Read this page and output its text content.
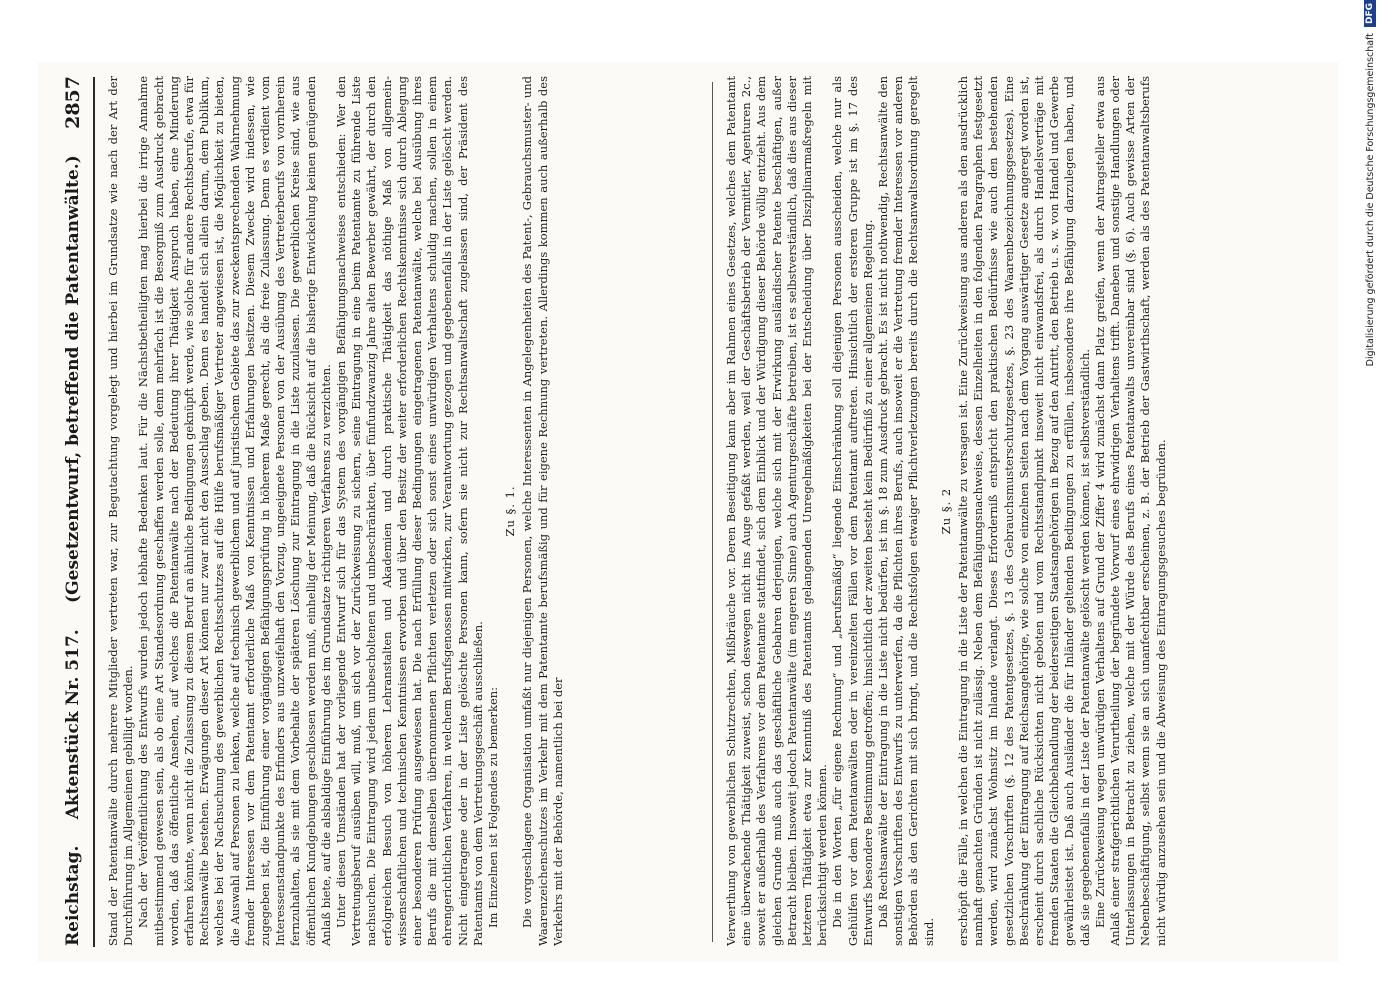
Reichstag.
Aktenstück Nr. 517.
(Gesetzentwurf, betreffend die Patentanwälte.)
2857 Stand der Patentanwälte durch mehrere Mitglieder vertreten war, zur Begutachtung vorgelegt und hierbei im Grundsatze wie nach der Art der Durchführung im Allgemeinen gebilligt worden. Nach der Veröffentlichung des Entwurfs wurden jedoch lebhafte Bedenken laut. Für die Nächstbetheiligten mag hierbei die irrige Annahme mitbestimmend gewesen sein, als ob eine Art Standesordnung geschaffen werden solle, denn mehrfach ist die Besorgniß zum Ausdruck gebracht worden, daß das öffentliche Ansehen, auf welches die Patentanwälte nach der Bedeutung ihrer Thätigkeit Anspruch haben, eine Minderung erfahren könnte, wenn nicht die Zulassung zu diesem Beruf an ähnliche Bedingungen geknüpft werde, wie solche für andere Rechtsberufe, etwa für Rechtsanwälte bestehen. Erwägungen dieser Art können nur zwar nicht den Ausschlag geben. Denn es handelt sich allein darum, dem Publikum, welches bei der Nachsuchung des gewerblichen Rechtsschutzes auf die Hülfe berufsmäßiger Vertreter angewiesen ist, die Möglichkeit zu bieten, die Auswahl auf Personen zu lenken, welche auf technisch gewerblichem und auf juristischem Gebiete das zur zweckentsprechenden Wahrnehmung fremder Interessen vor dem Patentamt erforderliche Maß von Kenntnissen und Erfahrungen besitzen. Diesem Zwecke wird indessen, wie zugegeben ist, die Einführung einer vorgängigen Befähigungsprüfung in höherem Maße gerecht, als die freie Zulassung. Denn es verdient vom Interessenstandpunkte des Erfinders aus unzweifelhaft den Vorzug, ungeeignete Personen von der Ausübung des Vertreterberufs von vornherein fernzuhalten, als sie mit dem Vorbehalte der späteren Löschung zur Eintragung in die Liste zuzulassen. Die gewerblichen Kreise sind, wie aus öffentlichen Kundgebungen geschlossen werden muß, einhellig der Meinung, daß die Rücksicht auf die bisherige Entwickelung keinen genügenden Anlaß biete, auf die alsbaldige Einführung des im Grundsatze richtigeren Verfahrens zu verzichten. Unter diesen Umständen hat der vorliegende Entwurf sich für das System des vorgängigen Befähigungsnachweises entschieden: Wer den Vertretungsberuf ausüben will, muß, um sich vor der Zurückweisung zu sichern, seine Eintragung in eine beim Patentamte zu führende Liste nachsuchen. Die Eintragung wird jedem unbescholtenen und unbeschränkten, über fünfundzwanzig Jahre alten Bewerber gewährt, der durch den erfolgreichen Besuch von höheren Lehranstalten und Akademien und durch praktische Thätigkeit das nöthige Maß von allgemein-wissenschaftlichen und technischen Kenntnissen erworben und über den Besitz der weiter erforderlichen Rechtskenntnisse sich durch Ablegung einer besonderen Prüfung ausgewiesen hat. Die nach Erfüllung dieser Bedingungen eingetragenen Patentanwälte, welche bei Ausübung ihres Berufs die mit demselben übernommenen Pflichten verletzen oder sich sonst eines unwürdigen Verhaltens schuldig machen, sollen in einem ehrengerichtlichen Verfahren, in welchem Berufsgenossen mitwirken, zur Verantwortung gezogen und gegebenenfalls in der Liste gelöscht werden. Nicht eingetragene oder in der Liste gelöschte Personen kann, sofern sie nicht zur Rechtsanwaltschaft zugelassen sind, der Präsident des Patentamts von dem Vertretungsgeschäft ausschließen. Im Einzelnen ist Folgendes zu bemerken:

Zu §. 1. Die vorgeschlagene Organisation umfaßt nur diejenigen Personen, welche Interessenten in Angelegenheiten des Patent-, Gebrauchsmuster- und Waarenzeichenschutzes im Verkehr mit dem Patentamte berufsmäßig und für eigene Rechnung vertreten. Allerdings kommen auch außerhalb des Verkehrs mit der Behörde, namentlich bei der	Verwerthung von gewerblichen Schutzrechten, Mißbräuche vor. Deren Beseitigung kann aber im Rahmen eines Gesetzes, welches dem Patentamt eine überwachende Thätigkeit zuweist, schon deswegen nicht ins Auge gefaßt werden, weil der Geschäftsbetrieb der Vermittler, Agenturen 2c., soweit er außerhalb des Verfahrens vor dem Patentamte stattfindet, sich dem Einblick und der Würdigung dieser Behörde völlig entzieht. Aus dem gleichen Grunde muß auch das geschäftliche Gebahren derjenigen, welche sich mit der Erwirkung ausländischer Patente beschäftigen, außer Betracht bleiben. Insoweit jedoch Patentanwälte (im engeren Sinne) auch Agenturgeschäfte betreiben, ist es selbstverständlich, daß dies aus dieser letzteren Thätigkeit etwa zur Kenntniß des Patentamts gelangenden Unregelmäßigkeiten bei der Entscheidung über Disziplinarmaßregeln mit berücksichtigt werden können. Die in den Worten „für eigene Rechnung“ und „berufsmäßig“ liegende Einschränkung soll diejenigen Personen ausscheiden, welche nur als Gehülfen vor dem Patentanwälten oder in vereinzelten Fällen vor dem Patentamt auftreten. Hinsichtlich der ersteren Gruppe ist im §. 17 des Entwurfs besondere Bestimmung getroffen; hinsichtlich der zweiten besteht kein Bedürfniß zu einer allgemeinen Regelung. Daß Rechtsanwälte der Eintragung in die Liste nicht bedürfen, ist im §. 18 zum Ausdruck gebracht. Es ist nicht nothwendig, Rechtsanwälte den sonstigen Vorschriften des Entwurfs zu unterwerfen, da die Pflichten ihres Berufs, auch insoweit er die Vertretung fremder Interessen vor anderen Behörden als den Gerichten mit sich bringt, und die Rechtsfolgen etwaiger Pflichtverletzungen bereits durch die Rechtsanwaltsordnung geregelt sind.

Zu §. 2 erschöpft die Fälle, in welchen die Eintragung in die Liste der Patentanwälte zu versagen ist. Eine Zurückweisung aus anderen als den ausdrücklich namhaft gemachten Gründen ist nicht zulässig. Neben dem Befähigungsnachweise, dessen Einzelheiten in den folgenden Paragraphen festgesetzt werden, wird zunächst Wohnsitz im Inlande verlangt. Dieses Erforderniß entspricht den praktischen Bedürfnisse wie auch den bestehenden gesetzlichen Vorschriften (§. 12 des Patentgesetzes, §. 13 des Gebrauchsmusterschutzgesetzes, §. 23 des Waarenbezeichnungsgesetzes). Eine Beschränkung der Eintragung auf Reichsangehörige, wie solche von einzelnen Seiten nach dem Vorgang auswärtiger Gesetze angeregt worden ist, erscheint durch sachliche Rücksichten nicht geboten und vom Rechtsstandpunkt insoweit nicht einwandsfrei, als durch Handelsverträge mit fremden Staaten die Gleichbehandlung der beiderseitigen Staatsangehörigen in Bezug auf den Antritt, den Betrieb u. s. w. von Handel und Gewerbe gewährleistet ist. Daß auch Ausländer die für Inländer geltenden Bedingungen zu erfüllen, insbesondere ihre Befähigung darzulegen haben, und daß sie gegebenenfalls in der Liste der Patentanwälte gelöscht werden können, ist selbstverständlich. Eine Zurückweisung wegen unwürdigen Verhaltens auf Grund der Ziffer 4 wird zunächst dann Platz greifen, wenn der Antragsteller etwa aus Anlaß einer strafgerichtlichen Verurtheilung der begründete Vorwurf eines ehrwidrigen Verhaltens trifft. Daneben und sonstige Handlungen oder Unterlassungen in Betracht zu ziehen, welche mit der Würde des Berufs eines Patentanwalts unvereinbar sind (§. 6). Auch gewisse Arten der Nebenbeschäftigung, selbst wenn sie an sich unanfechtbar erscheinen, z. B. der Betrieb der Gastwirthschaft, werden als des Patentanwaltsberufs nicht würdig anzusehen sein und die Abweisung des Eintragungsgesuches begründen.

Digitalisierung gefördert durch die Deutsche Forschungsgemeinschaft
DFG
